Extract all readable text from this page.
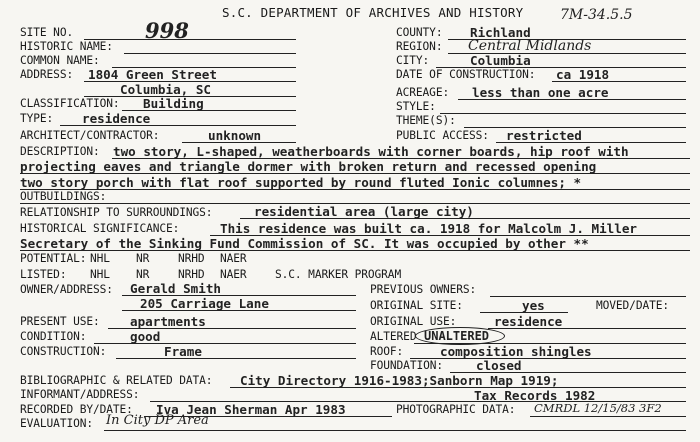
S.C. DEPARTMENT OF ARCHIVES AND HISTORY	7M-34.5.5
SITE NO.	998
HISTORIC NAME:
COMMON NAME:
ADDRESS: 1804 Green Street
Columbia, SC
CLASSIFICATION: Building
TYPE: residence
ARCHITECT/CONTRACTOR:	unknown
COUNTY: Richland
REGION: Central Midlands
CITY:	Columbia
DATE OF CONSTRUCTION: ca 1918
ACREAGE: less than one acre
STYLE:
THEME(S):
PUBLIC ACCESS: restricted
DESCRIPTION: two story, L-shaped, weatherboards with corner boards, hip roof with
projecting eaves and triangle dormer with broken return and recessed opening
two story porch with flat roof supported by round fluted Ionic columnes; *
OUTBUILDINGS:
RELATIONSHIP TO SURROUNDINGS:	residential area (large city)
HISTORICAL SIGNIFICANCE:	This residence was built ca. 1918 for Malcolm J. Miller
Secretary of the Sinking Fund Commission of SC. It was occupied by other **
POTENTIAL: NHL NR	NRHD NAER
LISTED: NHL NR	NRHD NAER	S.C. MARKER PROGRAM
OWNER/ADDRESS: Gerald Smith
205 Carriage Lane
PREVIOUS OWNERS:
ORIGINAL SITE:	yes	MOVED/DATE:
PRESENT USE: apartments	ORIGINAL USE:	residence
CONDITION:	good	ALTERED UNALTERED
CONSTRUCTION:	Frame	ROOF:	composition shingles
FOUNDATION:	closed
BIBLIOGRAPHIC & RELATED DATA: City Directory 1916-1983;Sanborn Map 1919;
INFORMANT/ADDRESS:	Tax Records 1982
RECORDED BY/DATE: Iva Jean Sherman Apr 1983	PHOTOGRAPHIC DATA: CMRDL 12/15/83 3F2
EVALUATION: In City DP Area
